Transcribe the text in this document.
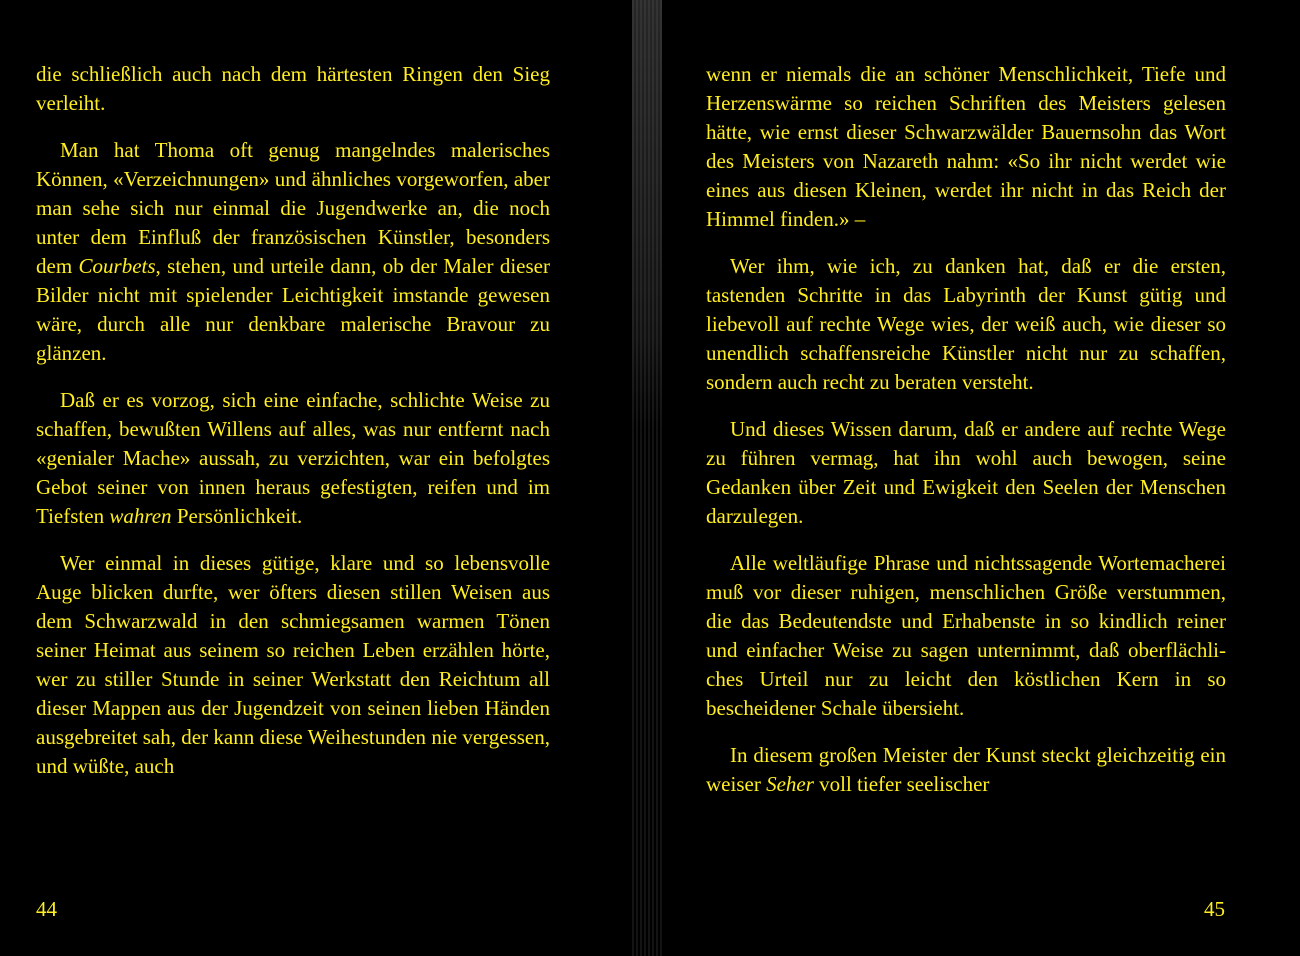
die schließlich auch nach dem härtesten Ringen den Sieg verleiht.

Man hat Thoma oft genug mangelndes malerisches Können, «Verzeichnungen» und ähnliches vorgeworfen, aber man sehe sich nur einmal die Jugendwerke an, die noch unter dem Einfluß der französischen Künstler, besonders dem Courbets, stehen, und urteile dann, ob der Maler dieser Bilder nicht mit spielender Leichtigkeit imstande gewesen wäre, durch alle nur denkbare malerische Bravour zu glänzen.

Daß er es vorzog, sich eine einfache, schlichte Weise zu schaffen, bewußten Willens auf alles, was nur entfernt nach «genialer Mache» aussah, zu verzichten, war ein befolgtes Gebot seiner von innen heraus gefestigten, reifen und im Tiefsten wahren Persönlichkeit.

Wer einmal in dieses gütige, klare und so lebensvolle Auge blicken durfte, wer öfters diesen stillen Weisen aus dem Schwarzwald in den schmiegsamen warmen Tönen seiner Heimat aus seinem so reichen Leben erzählen hörte, wer zu stiller Stunde in seiner Werkstatt den Reichtum all dieser Mappen aus der Jugendzeit von seinen lieben Händen ausgebreitet sah, der kann diese Weihestunden nie vergessen, und wüßte, auch

44

wenn er niemals die an schöner Menschlichkeit, Tiefe und Herzenswärme so reichen Schriften des Meisters gelesen hätte, wie ernst dieser Schwarzwälder Bauernsohn das Wort des Meisters von Nazareth nahm: «So ihr nicht werdet wie eines aus diesen Kleinen, werdet ihr nicht in das Reich der Himmel finden.» –

Wer ihm, wie ich, zu danken hat, daß er die ersten, tastenden Schritte in das Labyrinth der Kunst gütig und liebevoll auf rechte Wege wies, der weiß auch, wie dieser so unendlich schaffensreiche Künstler nicht nur zu schaffen, sondern auch recht zu beraten versteht.

Und dieses Wissen darum, daß er andere auf rechte Wege zu führen vermag, hat ihn wohl auch bewogen, seine Gedanken über Zeit und Ewigkeit den Seelen der Menschen darzulegen.

Alle weltläufige Phrase und nichtssagende Wortemacherei muß vor dieser ruhigen, menschlichen Größe verstummen, die das Bedeutendste und Erhabenste in so kindlich reiner und einfacher Weise zu sagen unternimmt, daß oberflächliches Urteil nur zu leicht den köstlichen Kern in so bescheidener Schale übersieht.

In diesem großen Meister der Kunst steckt gleichzeitig ein weiser Seher voll tiefer seelischer

45
